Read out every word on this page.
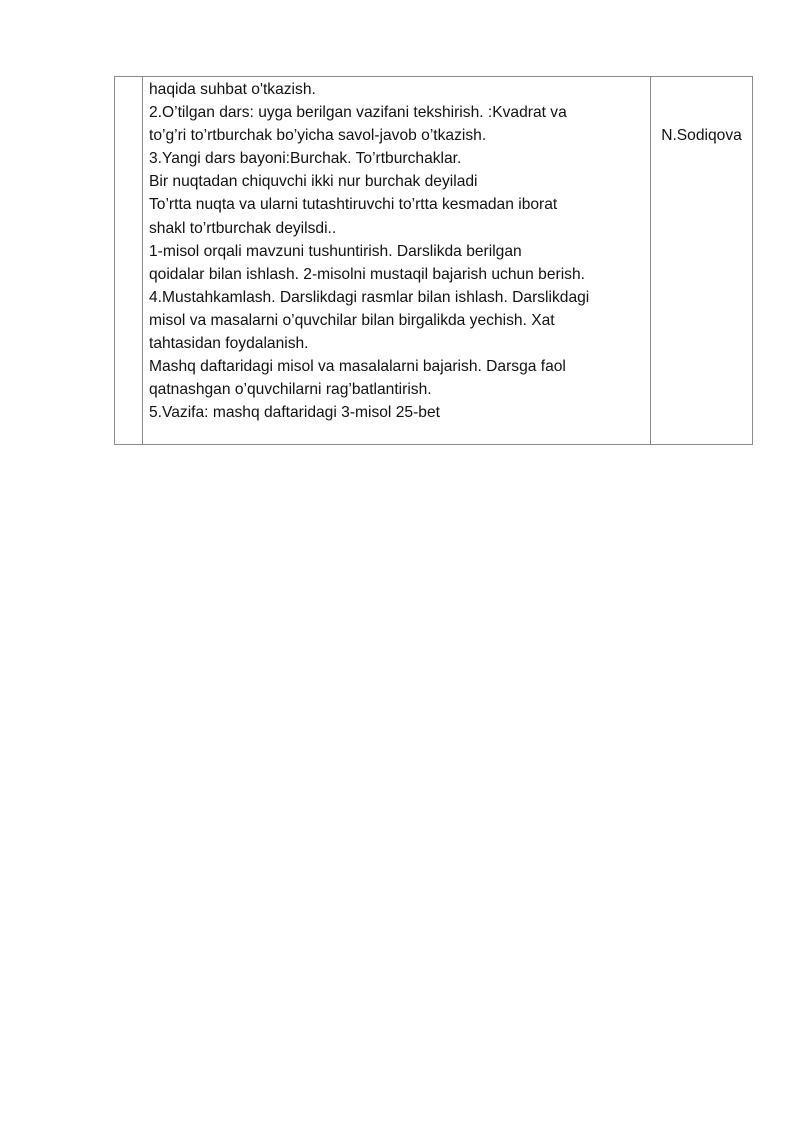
haqida suhbat o'tkazish.
2.O’tilgan dars: uyga berilgan vazifani tekshirish. :Kvadrat va
to’g’ri to’rtburchak bo’yicha savol-javob o’tkazish.
3.Yangi dars bayoni:Burchak. To’rtburchaklar.
Bir nuqtadan chiquvchi ikki nur burchak deyiladi
To’rtta nuqta va ularni tutashtiruvchi to’rtta kesmadan iborat
shakl to’rtburchak deyilsdi..
1-misol orqali mavzuni tushuntirish. Darslikda berilgan
qoidalar bilan ishlash. 2-misolni mustaqil bajarish uchun berish.
4.Mustahkamlash. Darslikdagi rasmlar bilan ishlash. Darslikdagi
misol va masalarni o’quvchilar bilan birgalikda yechish. Xat
tahtasidan foydalanish.
Mashq daftaridagi misol va masalalarni bajarish. Darsga faol
qatnashgan o’quvchilarni rag’batlantirish.
5.Vazifa: mashq daftaridagi 3-misol 25-bet

N.Sodiqova
